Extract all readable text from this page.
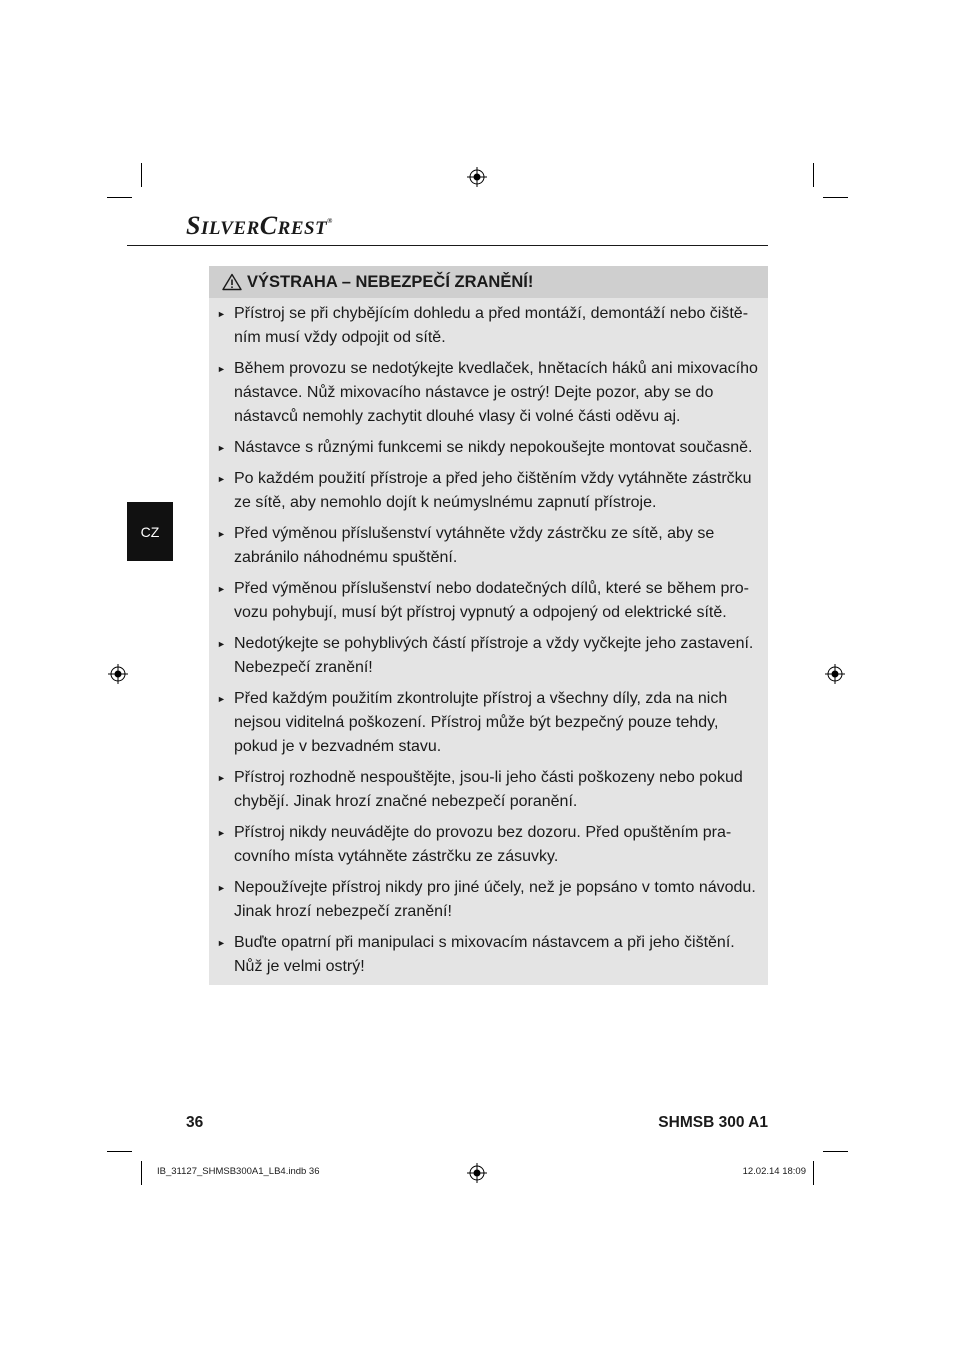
SILVERCREST®
CZ
VÝSTRAHA – NEBEZPEČÍ ZRANĚNÍ!
► Přístroj se při chybějícím dohledu a před montáží, demontáží nebo čiště-
ním musí vždy odpojit od sítě.
► Během provozu se nedotýkejte kvedlaček, hnětacích háků ani mixovacího
nástavce. Nůž mixovacího nástavce je ostrý! Dejte pozor, aby se do
nástavců nemohly zachytit dlouhé vlasy či volné části oděvu aj.
► Nástavce s různými funkcemi se nikdy nepokoušejte montovat současně.
► Po každém použití přístroje a před jeho čištěním vždy vytáhněte zástrčku
ze sítě, aby nemohlo dojít k neúmyslnému zapnutí přístroje.
► Před výměnou příslušenství vytáhněte vždy zástrčku ze sítě, aby se
zabránilo náhodnému spuštění.
► Před výměnou příslušenství nebo dodatečných dílů, které se během pro-
vozu pohybují, musí být přístroj vypnutý a odpojený od elektrické sítě.
► Nedotýkejte se pohyblivých částí přístroje a vždy vyčkejte jeho zastavení.
Nebezpečí zranění!
► Před každým použitím zkontrolujte přístroj a všechny díly, zda na nich
nejsou viditelná poškození. Přístroj může být bezpečný pouze tehdy,
pokud je v bezvadném stavu.
► Přístroj rozhodně nespouštějte, jsou-li jeho části poškozeny nebo pokud
chybějí. Jinak hrozí značné nebezpečí poranění.
► Přístroj nikdy neuvádějte do provozu bez dozoru. Před opuštěním pra-
covního místa vytáhněte zástrčku ze zásuvky.
► Nepoužívejte přístroj nikdy pro jiné účely, než je popsáno v tomto návodu.
Jinak hrozí nebezpečí zranění!
► Buďte opatrní při manipulaci s mixovacím nástavcem a při jeho čištění.
Nůž je velmi ostrý!
36	SHMSB 300 A1
IB_31127_SHMSB300A1_LB4.indb 36	12.02.14 18:09
